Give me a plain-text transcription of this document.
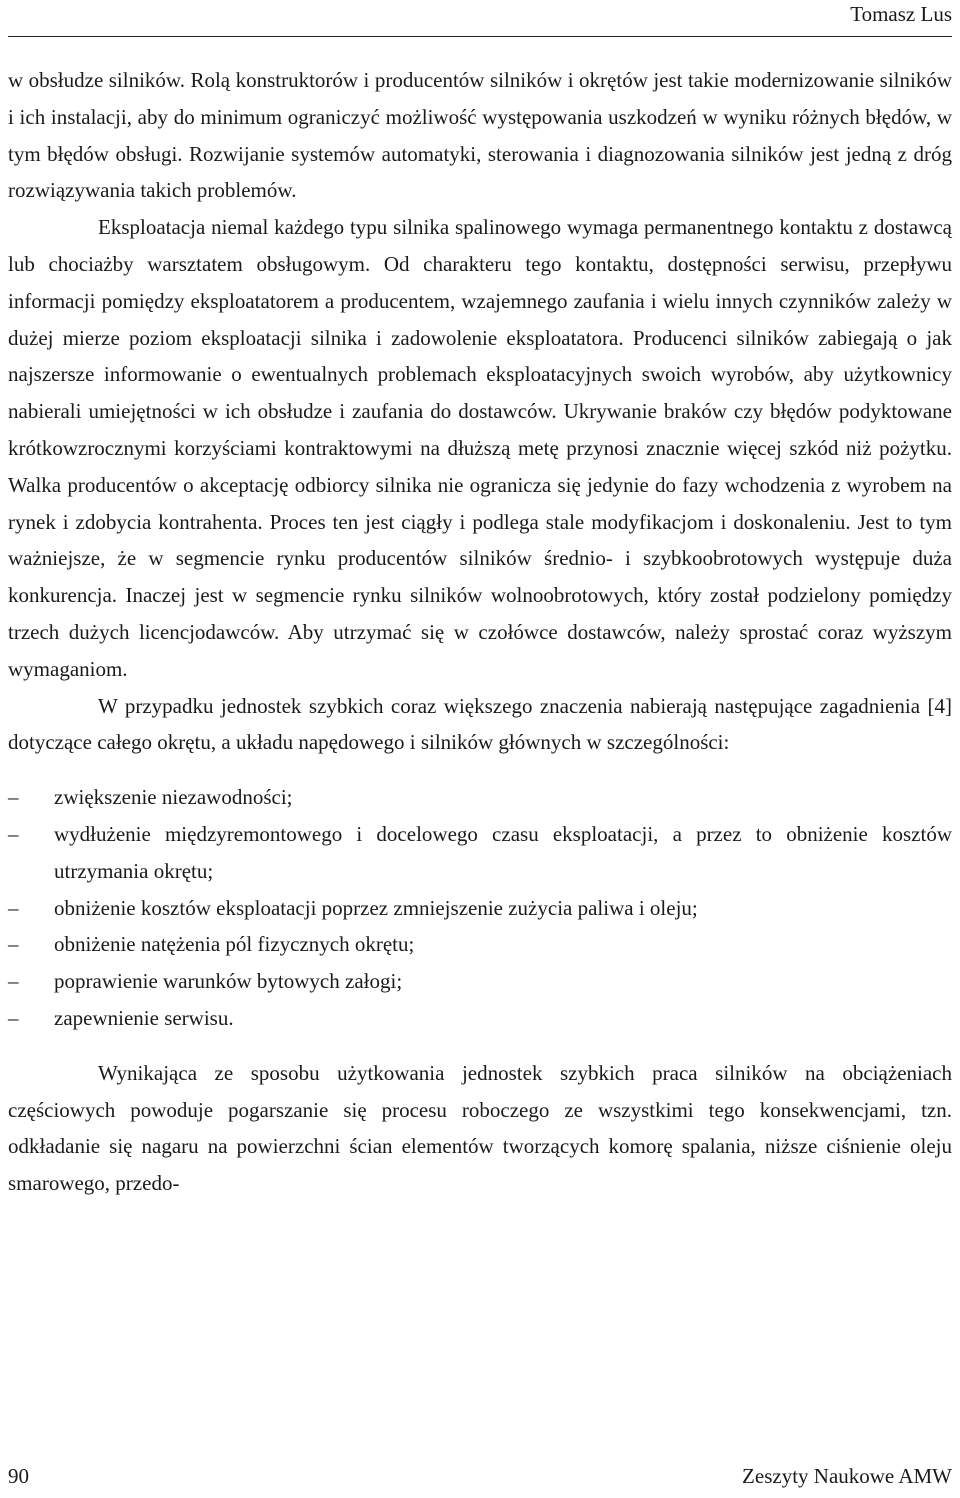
Tomasz Lus

w obsłudze silników. Rolą konstruktorów i producentów silników i okrętów jest takie modernizowanie silników i ich instalacji, aby do minimum ograniczyć możliwość występowania uszkodzeń w wyniku różnych błędów, w tym błędów obsługi. Rozwijanie systemów automatyki, sterowania i diagnozowania silników jest jedną z dróg rozwiązywania takich problemów.

Eksploatacja niemal każdego typu silnika spalinowego wymaga permanentnego kontaktu z dostawcą lub chociażby warsztatem obsługowym. Od charakteru tego kontaktu, dostępności serwisu, przepływu informacji pomiędzy eksploatatorem a producentem, wzajemnego zaufania i wielu innych czynników zależy w dużej mierze poziom eksploatacji silnika i zadowolenie eksploatatora. Producenci silników zabiegają o jak najszersze informowanie o ewentualnych problemach eksploatacyjnych swoich wyrobów, aby użytkownicy nabierali umiejętności w ich obsłudze i zaufania do dostawców. Ukrywanie braków czy błędów podyktowane krótkowzrocznymi korzyściami kontraktowymi na dłuższą metę przynosi znacznie więcej szkód niż pożytku. Walka producentów o akceptację odbiorcy silnika nie ogranicza się jedynie do fazy wchodzenia z wyrobem na rynek i zdobycia kontrahenta. Proces ten jest ciągły i podlega stale modyfikacjom i doskonaleniu. Jest to tym ważniejsze, że w segmencie rynku producentów silników średnio- i szybkoobrotowych występuje duża konkurencja. Inaczej jest w segmencie rynku silników wolnoobrotowych, który został podzielony pomiędzy trzech dużych licencjodawców. Aby utrzymać się w czołówce dostawców, należy sprostać coraz wyższym wymaganiom.

W przypadku jednostek szybkich coraz większego znaczenia nabierają następujące zagadnienia [4] dotyczące całego okrętu, a układu napędowego i silników głównych w szczególności:

– zwiększenie niezawodności;
– wydłużenie międzyremontowego i docelowego czasu eksploatacji, a przez to obniżenie kosztów utrzymania okrętu;
– obniżenie kosztów eksploatacji poprzez zmniejszenie zużycia paliwa i oleju;
– obniżenie natężenia pól fizycznych okrętu;
– poprawienie warunków bytowych załogi;
– zapewnienie serwisu.

Wynikająca ze sposobu użytkowania jednostek szybkich praca silników na obciążeniach częściowych powoduje pogarszanie się procesu roboczego ze wszystkimi tego konsekwencjami, tzn. odkładanie się nagaru na powierzchni ścian elementów tworzących komorę spalania, niższe ciśnienie oleju smarowego, przedo-

90	Zeszyty Naukowe AMW
